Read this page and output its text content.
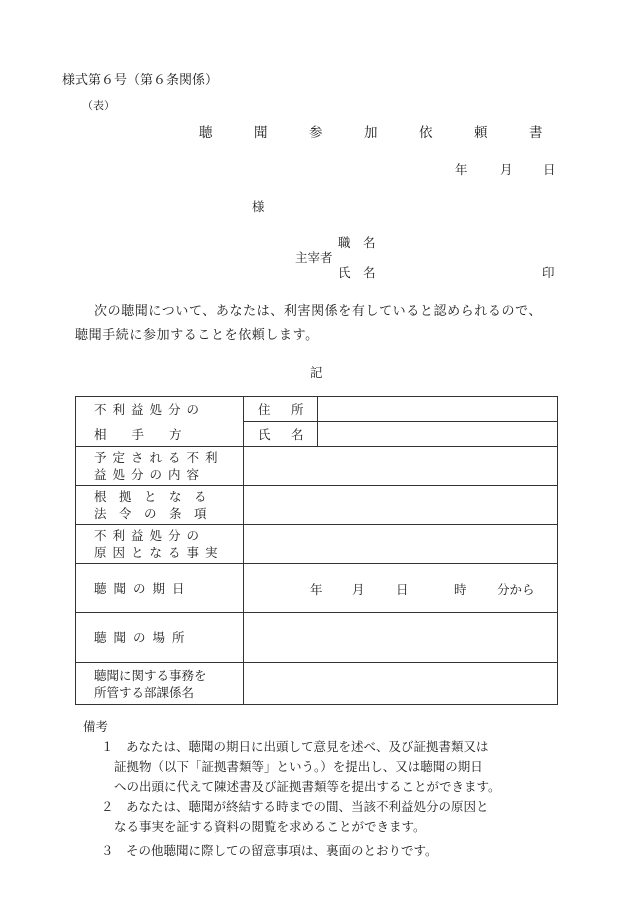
様式第６号（第６条関係）
（表）
聴　聞　参　加　依　頼　書
年	月 日
様
職　名
主宰者
氏　名	印
次の聴聞について、あなたは、利害関係を有していると認められるので、
聴聞手続に参加することを依頼します。
記
不利益処分の	住　所	
相　　手　　方	氏　名	

予定される不利
益処分の内容		

根　拠　と　な　る
法　令　の　条　項		

不利益処分の
原因となる事実		

聴聞の期日	年 月 日 時 分から	

聴聞の場所		

聴聞に関する事務を
所管する部課係名		

備考
１　あなたは、聴聞の期日に出頭して意見を述べ、及び証拠書類又は
証拠物（以下「証拠書類等」という。）を提出し、又は聴聞の期日
への出頭に代えて陳述書及び証拠書類等を提出することができます。
２　あなたは、聴聞が終結する時までの間、当該不利益処分の原因と
なる事実を証する資料の閲覧を求めることができます。
３　その他聴聞に際しての留意事項は、裏面のとおりです。
